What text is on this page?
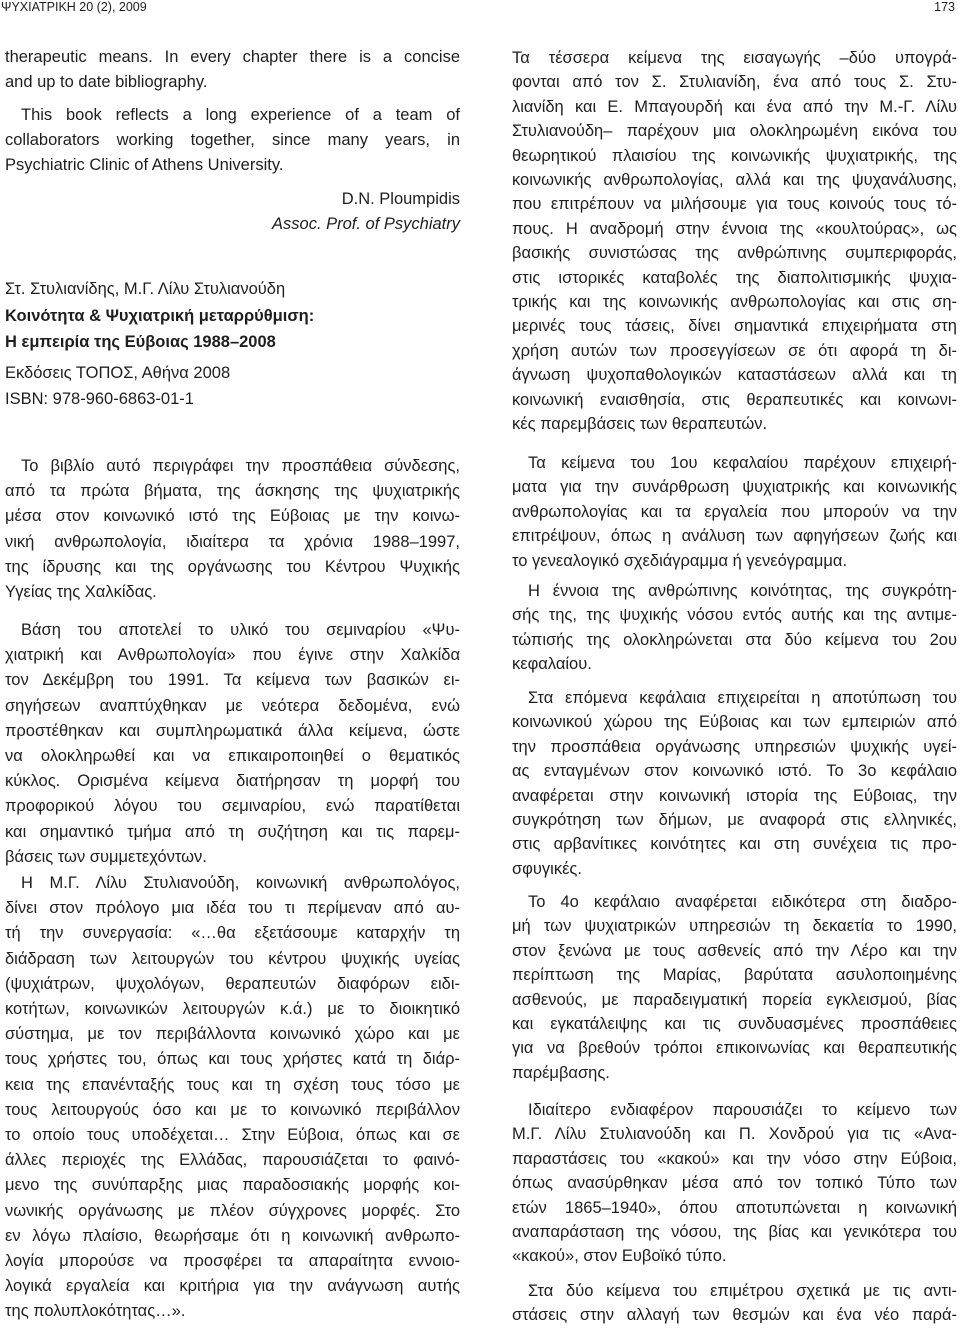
ΨΥΧΙΑΤΡΙΚΗ 20 (2), 2009	173
therapeutic means. In every chapter there is a concise
and up to date bibliography.
This book reflects a long experience of a team of
collaborators working together, since many years, in
Psychiatric Clinic of Athens University.
D.N. Ploumpidis
Assoc. Prof. of Psychiatry
Στ. Στυλιανίδης, Μ.Γ. Λίλυ Στυλιανούδη
Κοινότητα & Ψυχιατρική μεταρρύθμιση:
Η εμπειρία της Εύβοιας 1988–2008
Εκδόσεις ΤΟΠΟΣ, Αθήνα 2008
ISBN: 978-960-6863-01-1
Το βιβλίο αυτό περιγράφει την προσπάθεια σύνδεσης,
από τα πρώτα βήματα, της άσκησης της ψυχιατρικής
μέσα στον κοινωνικό ιστό της Εύβοιας με την κοινω-
νική ανθρωπολογία, ιδιαίτερα τα χρόνια 1988–1997,
της ίδρυσης και της οργάνωσης του Κέντρου Ψυχικής
Υγείας της Χαλκίδας.
Βάση του αποτελεί το υλικό του σεμιναρίου «Ψυ-
χιατρική και Ανθρωπολογία» που έγινε στην Χαλκίδα
τον Δεκέμβρη του 1991. Τα κείμενα των βασικών ει-
σηγήσεων αναπτύχθηκαν με νεότερα δεδομένα, ενώ
προστέθηκαν και συμπληρωματικά άλλα κείμενα, ώστε
να ολοκληρωθεί και να επικαιροποιηθεί ο θεματικός
κύκλος. Ορισμένα κείμενα διατήρησαν τη μορφή του
προφορικού λόγου του σεμιναρίου, ενώ παρατίθεται
και σημαντικό τμήμα από τη συζήτηση και τις παρεμ-
βάσεις των συμμετεχόντων.
Η Μ.Γ. Λίλυ Στυλιανούδη, κοινωνική ανθρωπολόγος,
δίνει στον πρόλογο μια ιδέα του τι περίμεναν από αυ-
τή την συνεργασία: «…θα εξετάσουμε καταρχήν τη
διάδραση των λειτουργών του κέντρου ψυχικής υγείας
(ψυχιάτρων, ψυχολόγων, θεραπευτών διαφόρων ειδι-
κοτήτων, κοινωνικών λειτουργών κ.ά.) με το διοικητικό
σύστημα, με τον περιβάλλοντα κοινωνικό χώρο και με
τους χρήστες του, όπως και τους χρήστες κατά τη διάρ-
κεια της επανένταξής τους και τη σχέση τους τόσο με
τους λειτουργούς όσο και με το κοινωνικό περιβάλλον
το οποίο τους υποδέχεται… Στην Εύβοια, όπως και σε
άλλες περιοχές της Ελλάδας, παρουσιάζεται το φαινό-
μενο της συνύπαρξης μιας παραδοσιακής μορφής κοι-
νωνικής οργάνωσης με πλέον σύγχρονες μορφές. Στο
εν λόγω πλαίσιο, θεωρήσαμε ότι η κοινωνική ανθρωπο-
λογία μπορούσε να προσφέρει τα απαραίτητα εννοιο-
λογικά εργαλεία και κριτήρια για την ανάγνωση αυτής
της πολυπλοκότητας…».
Τα τέσσερα κείμενα της εισαγωγής –δύο υπογρά-
φονται από τον Σ. Στυλιανίδη, ένα από τους Σ. Στυ-
λιανίδη και Ε. Μπαγουρδή και ένα από την Μ.-Γ. Λίλυ
Στυλιανούδη– παρέχουν μια ολοκληρωμένη εικόνα του
θεωρητικού πλαισίου της κοινωνικής ψυχιατρικής, της
κοινωνικής ανθρωπολογίας, αλλά και της ψυχανάλυσης,
που επιτρέπουν να μιλήσουμε για τους κοινούς τους τό-
πους. Η αναδρομή στην έννοια της «κουλτούρας», ως
βασικής συνιστώσας της ανθρώπινης συμπεριφοράς,
στις ιστορικές καταβολές της διαπολιτισμικής ψυχια-
τρικής και της κοινωνικής ανθρωπολογίας και στις ση-
μερινές τους τάσεις, δίνει σημαντικά επιχειρήματα στη
χρήση αυτών των προσεγγίσεων σε ότι αφορά τη δι-
άγνωση ψυχοπαθολογικών καταστάσεων αλλά και τη
κοινωνική εναισθησία, στις θεραπευτικές και κοινωνι-
κές παρεμβάσεις των θεραπευτών.
Τα κείμενα του 1ου κεφαλαίου παρέχουν επιχειρή-
ματα για την συνάρθρωση ψυχιατρικής και κοινωνικής
ανθρωπολογίας και τα εργαλεία που μπορούν να την
επιτρέψουν, όπως η ανάλυση των αφηγήσεων ζωής και
το γενεαλογικό σχεδιάγραμμα ή γενεόγραμμα.
Η έννοια της ανθρώπινης κοινότητας, της συγκρότη-
σής της, της ψυχικής νόσου εντός αυτής και της αντιμε-
τώπισής της ολοκληρώνεται στα δύο κείμενα του 2ου
κεφαλαίου.
Στα επόμενα κεφάλαια επιχειρείται η αποτύπωση του
κοινωνικού χώρου της Εύβοιας και των εμπειριών από
την προσπάθεια οργάνωσης υπηρεσιών ψυχικής υγεί-
ας ενταγμένων στον κοινωνικό ιστό. Το 3ο κεφάλαιο
αναφέρεται στην κοινωνική ιστορία της Εύβοιας, την
συγκρότηση των δήμων, με αναφορά στις ελληνικές,
στις αρβανίτικες κοινότητες και στη συνέχεια τις προ-
σφυγικές.
Το 4ο κεφάλαιο αναφέρεται ειδικότερα στη διαδρο-
μή των ψυχιατρικών υπηρεσιών τη δεκαετία το 1990,
στον ξενώνα με τους ασθενείς από την Λέρο και την
περίπτωση της Μαρίας, βαρύτατα ασυλοποιημένης
ασθενούς, με παραδειγματική πορεία εγκλεισμού, βίας
και εγκατάλειψης και τις συνδυασμένες προσπάθειες
για να βρεθούν τρόποι επικοινωνίας και θεραπευτικής
παρέμβασης.
Ιδιαίτερο ενδιαφέρον παρουσιάζει το κείμενο των
Μ.Γ. Λίλυ Στυλιανούδη και Π. Χονδρού για τις «Ανα-
παραστάσεις του «κακού» και την νόσο στην Εύβοια,
όπως ανασύρθηκαν μέσα από τον τοπικό Τύπο των
ετών 1865–1940», όπου αποτυπώνεται η κοινωνική
αναπαράσταση της νόσου, της βίας και γενικότερα του
«κακού», στον Ευβοϊκό τύπο.
Στα δύο κείμενα του επιμέτρου σχετικά με τις αντι-
στάσεις στην αλλαγή των θεσμών και ένα νέο παρά-
